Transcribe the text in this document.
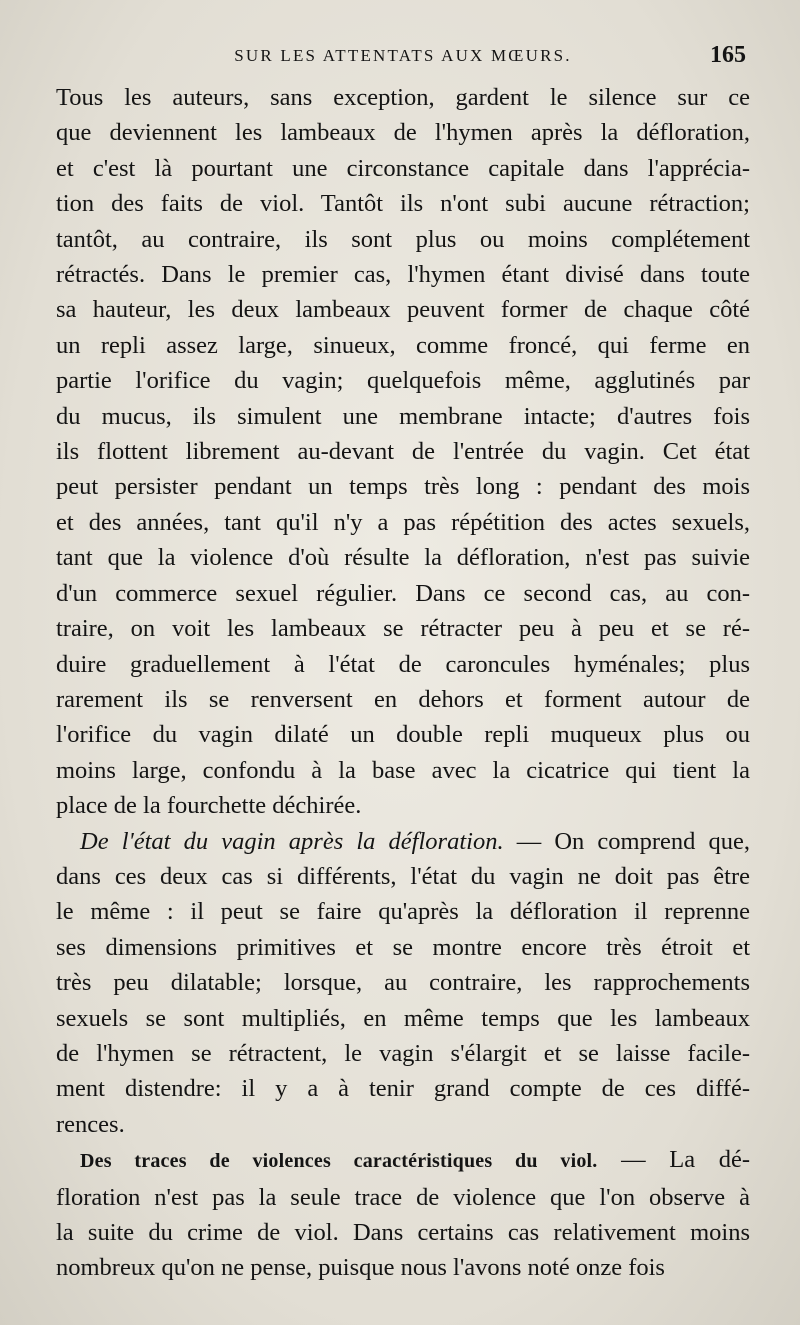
SUR LES ATTENTATS AUX MŒURS.	165

Tous les auteurs, sans exception, gardent le silence sur ce
que deviennent les lambeaux de l'hymen après la défloration,
et c'est là pourtant une circonstance capitale dans l'apprécia-
tion des faits de viol. Tantôt ils n'ont subi aucune rétraction;
tantôt, au contraire, ils sont plus ou moins complétement
rétractés. Dans le premier cas, l'hymen étant divisé dans toute
sa hauteur, les deux lambeaux peuvent former de chaque côté
un repli assez large, sinueux, comme froncé, qui ferme en
partie l'orifice du vagin; quelquefois même, agglutinés par
du mucus, ils simulent une membrane intacte; d'autres fois
ils flottent librement au-devant de l'entrée du vagin. Cet état
peut persister pendant un temps très long : pendant des mois
et des années, tant qu'il n'y a pas répétition des actes sexuels,
tant que la violence d'où résulte la défloration, n'est pas suivie
d'un commerce sexuel régulier. Dans ce second cas, au con-
traire, on voit les lambeaux se rétracter peu à peu et se ré-
duire graduellement à l'état de caroncules hyménales; plus
rarement ils se renversent en dehors et forment autour de
l'orifice du vagin dilaté un double repli muqueux plus ou
moins large, confondu à la base avec la cicatrice qui tient la
place de la fourchette déchirée.

De l'état du vagin après la défloration. — On comprend que,
dans ces deux cas si différents, l'état du vagin ne doit pas être
le même : il peut se faire qu'après la défloration il reprenne
ses dimensions primitives et se montre encore très étroit et
très peu dilatable; lorsque, au contraire, les rapprochements
sexuels se sont multipliés, en même temps que les lambeaux
de l'hymen se rétractent, le vagin s'élargit et se laisse facile-
ment distendre: il y a à tenir grand compte de ces diffé-
rences.

Des traces de violences caractéristiques du viol. — La dé-
floration n'est pas la seule trace de violence que l'on observe à
la suite du crime de viol. Dans certains cas relativement moins
nombreux qu'on ne pense, puisque nous l'avons noté onze fois
